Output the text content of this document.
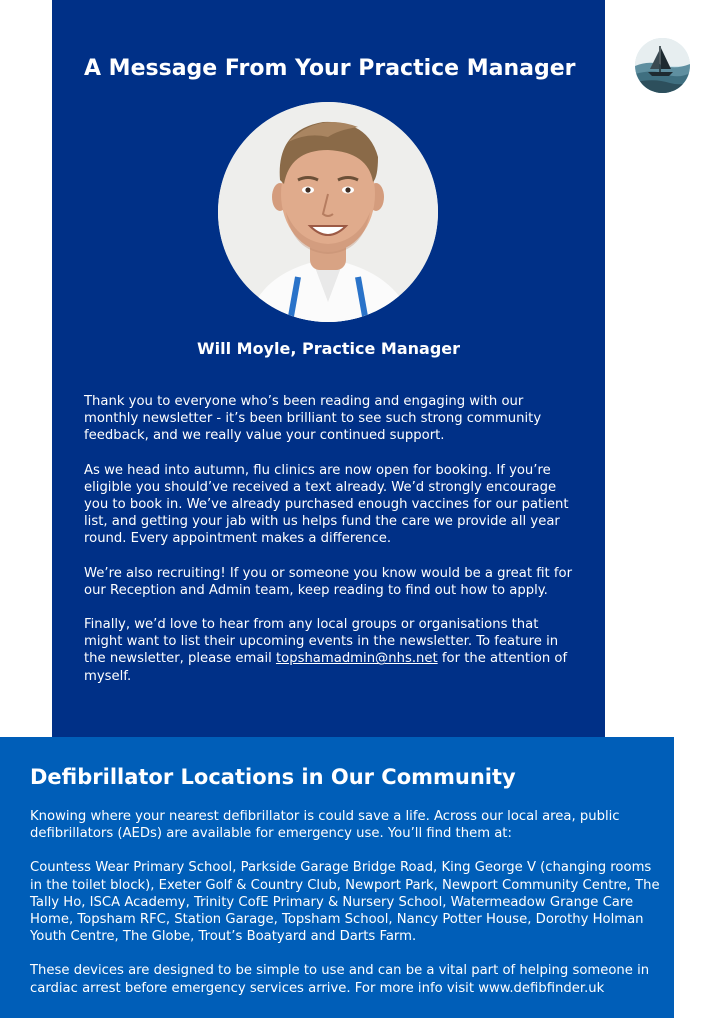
A Message From Your Practice Manager

Will Moyle, Practice Manager

Thank you to everyone who’s been reading and engaging with our monthly newsletter - it’s been brilliant to see such strong community feedback, and we really value your continued support.

As we head into autumn, flu clinics are now open for booking. If you’re eligible you should’ve received a text already. We’d strongly encourage you to book in. We’ve already purchased enough vaccines for our patient list, and getting your jab with us helps fund the care we provide all year round. Every appointment makes a difference.

We’re also recruiting! If you or someone you know would be a great fit for our Reception and Admin team, keep reading to find out how to apply.

Finally, we’d love to hear from any local groups or organisations that might want to list their upcoming events in the newsletter. To feature in the newsletter, please email topshamadmin@nhs.net for the attention of myself.

Defibrillator Locations in Our Community

Knowing where your nearest defibrillator is could save a life. Across our local area, public defibrillators (AEDs) are available for emergency use. You’ll find them at:

Countess Wear Primary School, Parkside Garage Bridge Road, King George V (changing rooms in the toilet block), Exeter Golf & Country Club, Newport Park, Newport Community Centre, The Tally Ho, ISCA Academy, Trinity CofE Primary & Nursery School, Watermeadow Grange Care Home, Topsham RFC, Station Garage, Topsham School, Nancy Potter House, Dorothy Holman Youth Centre, The Globe, Trout’s Boatyard and Darts Farm.

These devices are designed to be simple to use and can be a vital part of helping someone in cardiac arrest before emergency services arrive. For more info visit www.defibfinder.uk
